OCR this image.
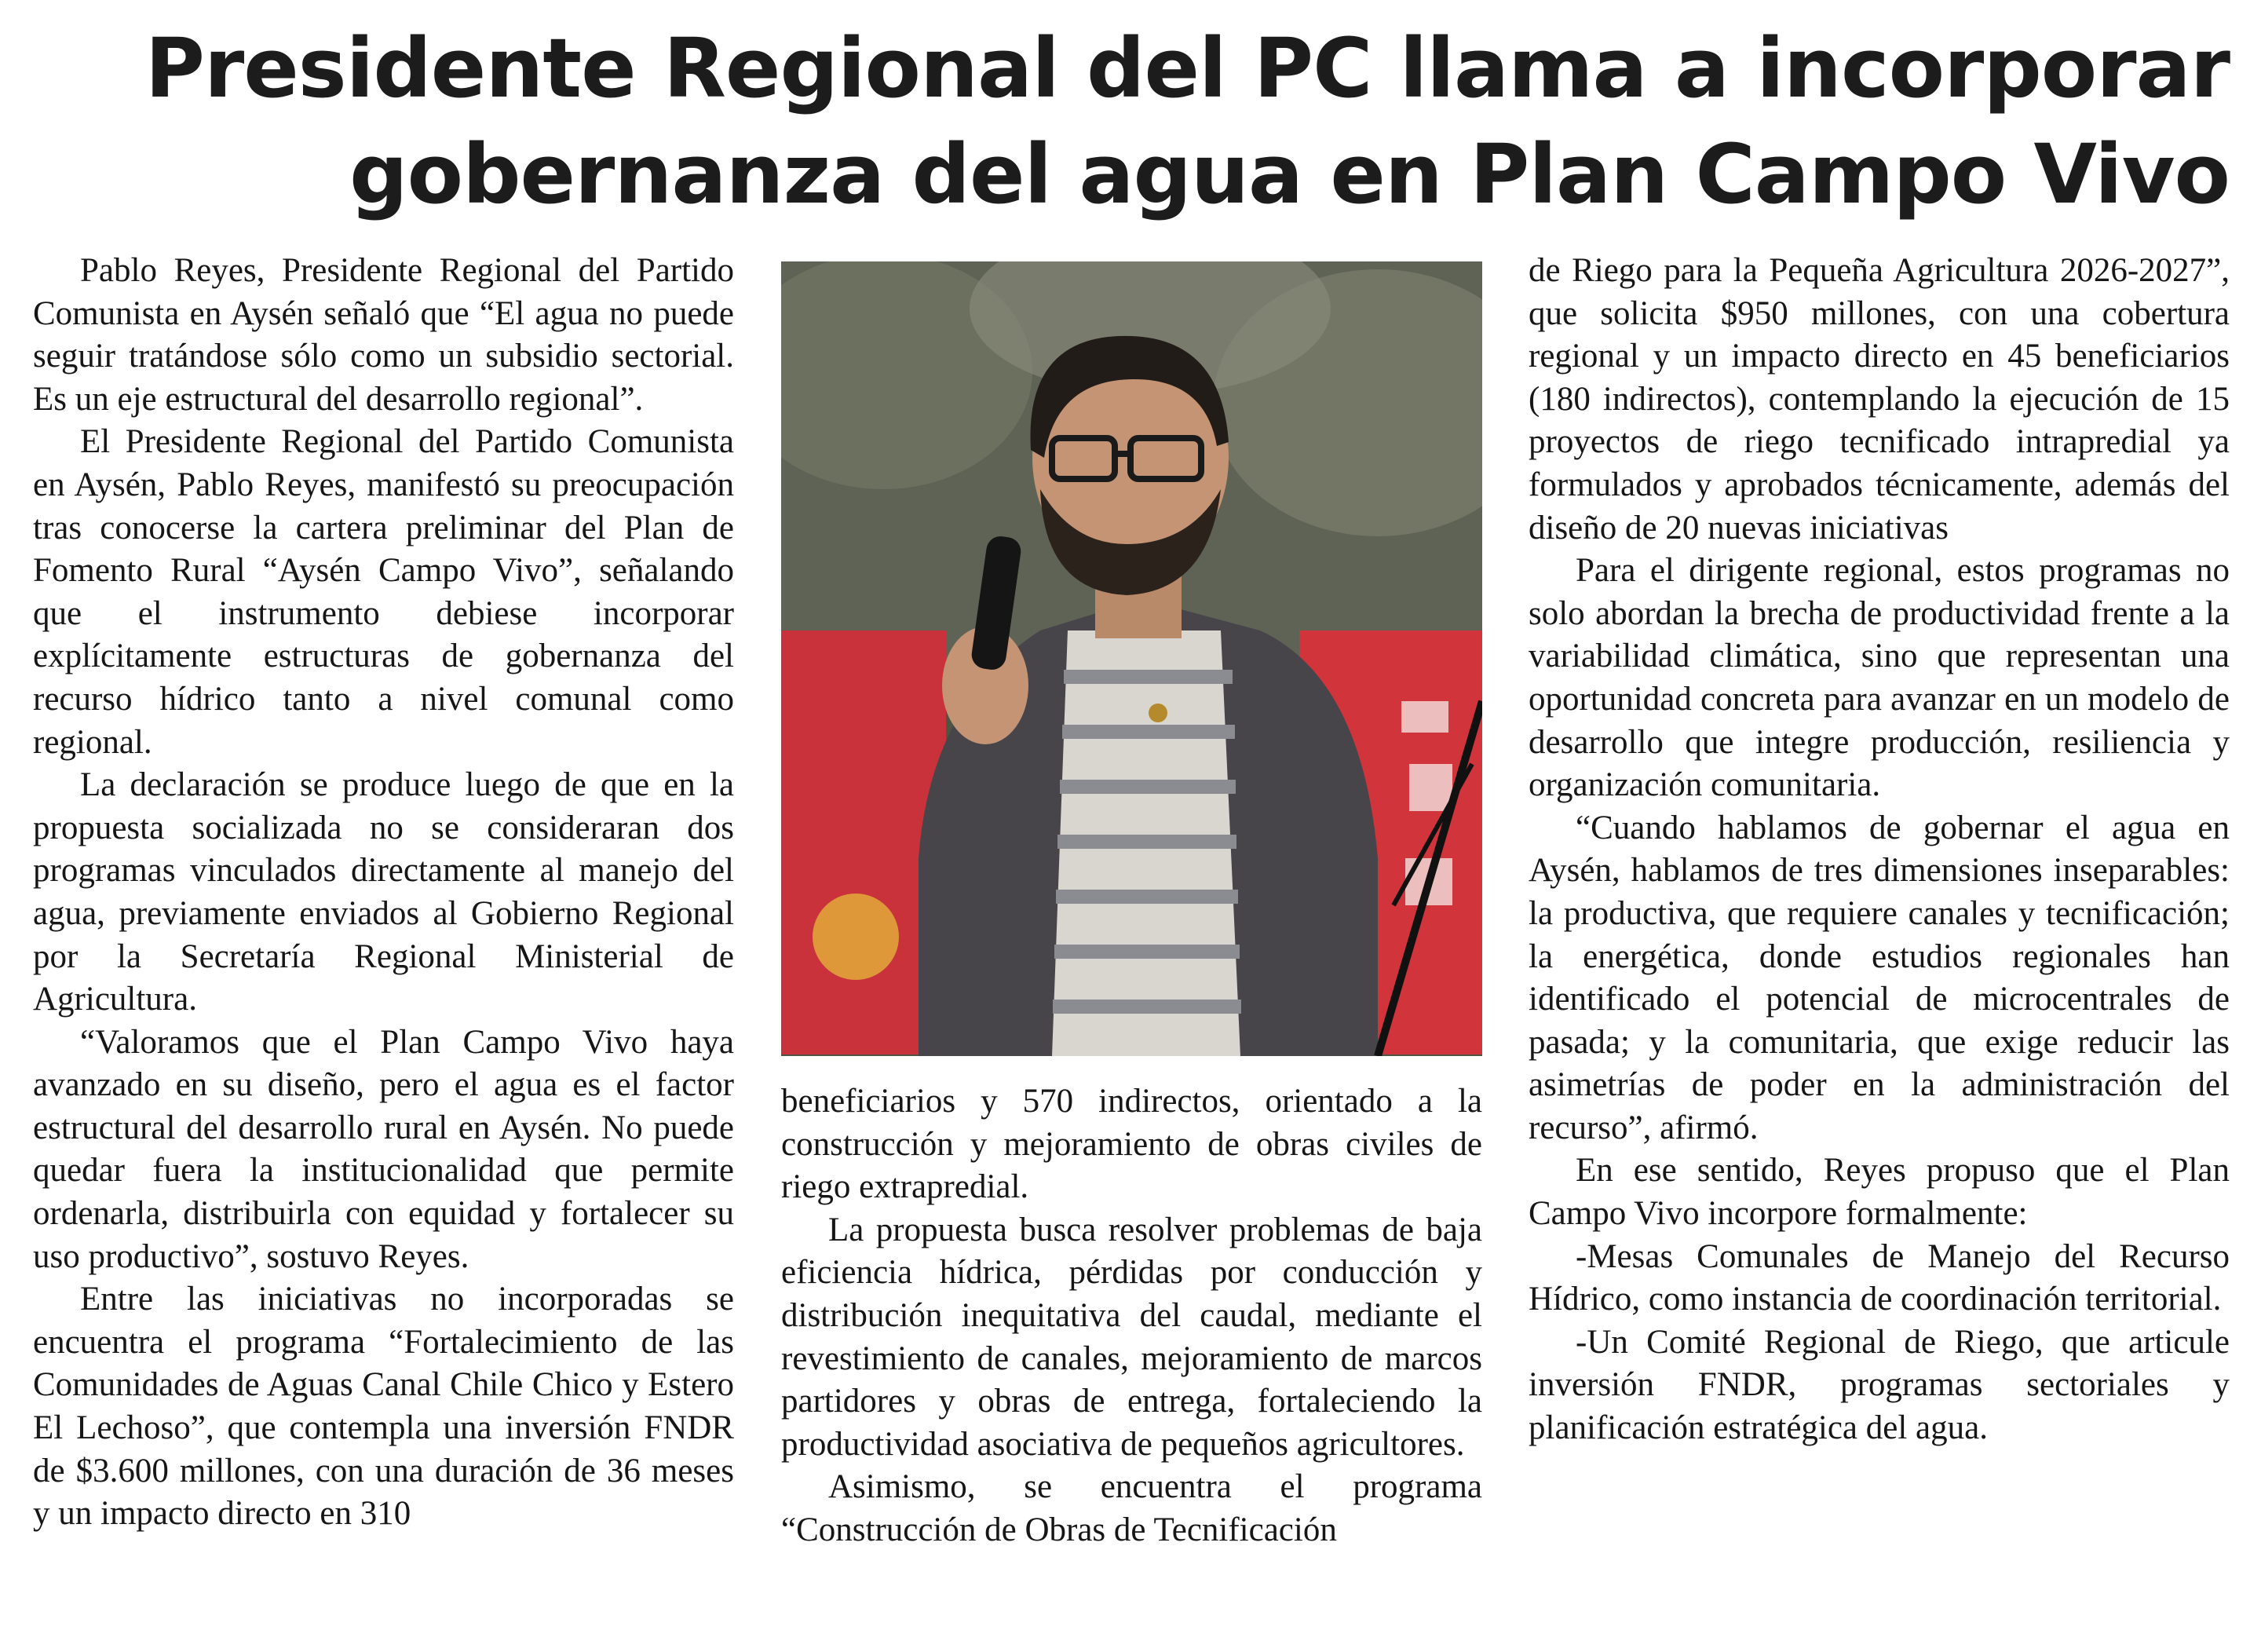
Presidente Regional del PC llama a incorporar
gobernanza del agua en Plan Campo Vivo

Pablo Reyes, Presidente Regional del Partido Comunista en Aysén señaló que “El agua no puede seguir tratándose sólo como un subsidio sectorial. Es un eje estructural del desarrollo regional”.

El Presidente Regional del Partido Comunista en Aysén, Pablo Reyes, manifestó su preocupación tras conocerse la cartera preliminar del Plan de Fomento Rural “Aysén Campo Vivo”, señalando que el instrumento debiese incorporar explícitamente estructuras de gobernanza del recurso hídrico tanto a nivel comunal como regional.

La declaración se produce luego de que en la propuesta socializada no se consideraran dos programas vinculados directamente al manejo del agua, previamente enviados al Gobierno Regional por la Secretaría Regional Ministerial de Agricultura.

“Valoramos que el Plan Campo Vivo haya avanzado en su diseño, pero el agua es el factor estructural del desarrollo rural en Aysén. No puede quedar fuera la institucionalidad que permite ordenarla, distribuirla con equidad y fortalecer su uso productivo”, sostuvo Reyes.

Entre las iniciativas no incorporadas se encuentra el programa “Fortalecimiento de las Comunidades de Aguas Canal Chile Chico y Estero El Lechoso”, que contempla una inversión FNDR de $3.600 millones, con una duración de 36 meses y un impacto directo en 310

beneficiarios y 570 indirectos, orientado a la construcción y mejoramiento de obras civiles de riego extrapredial.

La propuesta busca resolver problemas de baja eficiencia hídrica, pérdidas por conducción y distribución inequitativa del caudal, mediante el revestimiento de canales, mejoramiento de marcos partidores y obras de entrega, fortaleciendo la productividad asociativa de pequeños agricultores.

Asimismo, se encuentra el programa “Construcción de Obras de Tecnificación

de Riego para la Pequeña Agricultura 2026-2027”, que solicita $950 millones, con una cobertura regional y un impacto directo en 45 beneficiarios (180 indirectos), contemplando la ejecución de 15 proyectos de riego tecnificado intrapredial ya formulados y aprobados técnicamente, además del diseño de 20 nuevas iniciativas

Para el dirigente regional, estos programas no solo abordan la brecha de productividad frente a la variabilidad climática, sino que representan una oportunidad concreta para avanzar en un modelo de desarrollo que integre producción, resiliencia y organización comunitaria.

“Cuando hablamos de gobernar el agua en Aysén, hablamos de tres dimensiones inseparables: la productiva, que requiere canales y tecnificación; la energética, donde estudios regionales han identificado el potencial de microcentrales de pasada; y la comunitaria, que exige reducir las asimetrías de poder en la administración del recurso”, afirmó.

En ese sentido, Reyes propuso que el Plan Campo Vivo incorpore formalmente:

-Mesas Comunales de Manejo del Recurso Hídrico, como instancia de coordinación territorial.

-Un Comité Regional de Riego, que articule inversión FNDR, programas sectoriales y planificación estratégica del agua.
